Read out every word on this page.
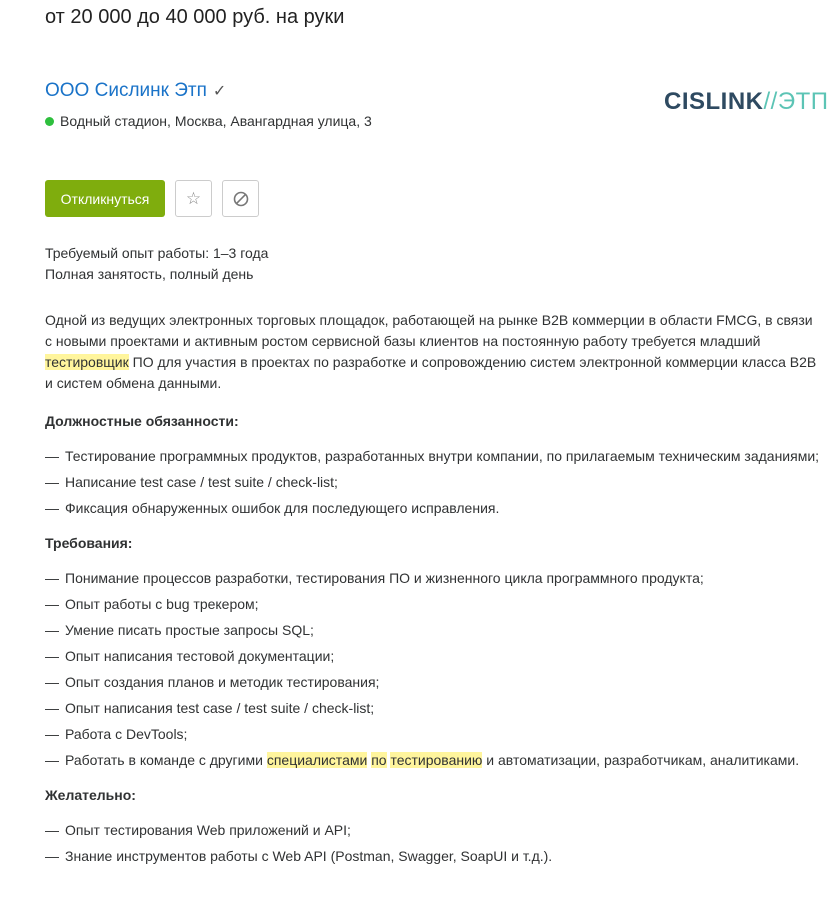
от 20 000 до 40 000 руб. на руки
ООО Сислинк Этп ✓
Водный стадион, Москва, Авангардная улица, 3
CISLINK//ЭТП
Откликнуться	☆
Требуемый опыт работы: 1–3 года
Полная занятость, полный день

Одной из ведущих электронных торговых площадок, работающей на рынке B2B коммерции в области FMCG, в связи с новыми проектами и активным ростом сервисной базы клиентов на постоянную работу требуется младший тестировщик ПО для участия в проектах по разработке и сопровождению систем электронной коммерции класса B2B и систем обмена данными.

Должностные обязанности:
— Тестирование программных продуктов, разработанных внутри компании, по прилагаемым техническим заданиями;
— Написание test case / test suite / check-list;
— Фиксация обнаруженных ошибок для последующего исправления.
Требования:
— Понимание процессов разработки, тестирования ПО и жизненного цикла программного продукта;
— Опыт работы с bug трекером;
— Умение писать простые запросы SQL;
— Опыт написания тестовой документации;
— Опыт создания планов и методик тестирования;
— Опыт написания test case / test suite / check-list;
— Работа с DevTools;
— Работать в команде с другими специалистами по тестированию и автоматизации, разработчикам, аналитиками.
Желательно:
— Опыт тестирования Web приложений и API;
— Знание инструментов работы с Web API (Postman, Swagger, SoapUI и т.д.).
